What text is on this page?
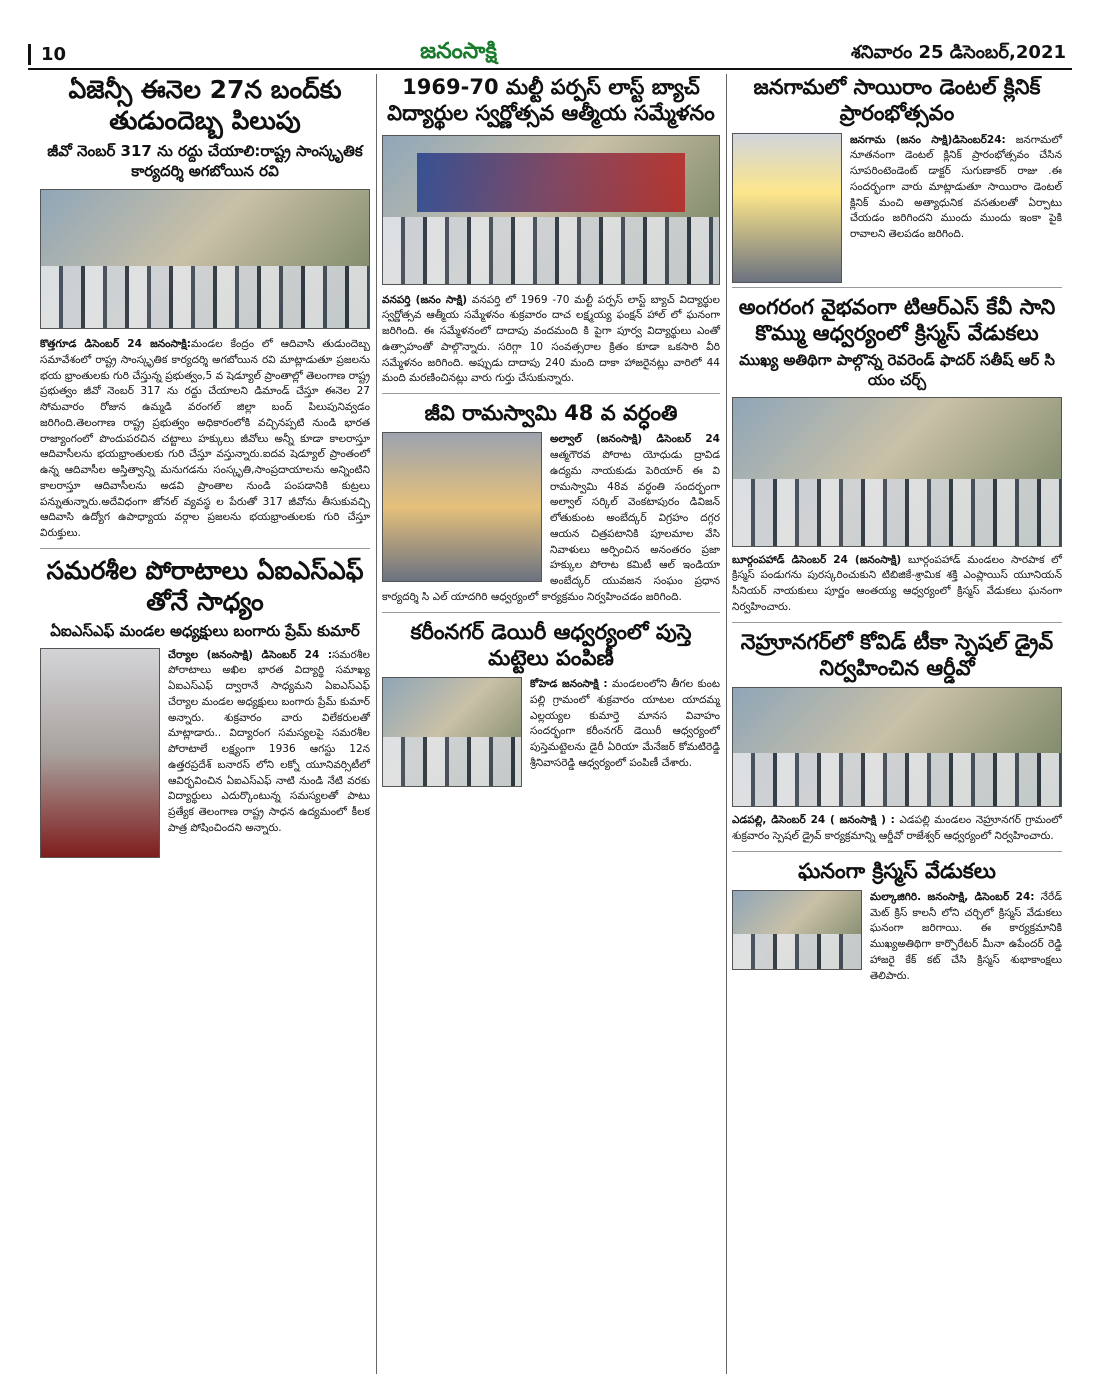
10	జనంసాక్షి	శనివారం 25 డిసెంబర్,2021
ఏజెన్సీ ఈనెల 27న బంద్‌కు తుడుందెబ్బ పిలుపు

జీవో నెంబర్ 317 ను రద్దు చేయాలి:రాష్ట్ర సాంస్కృతిక కార్యదర్శి అగబోయిన రవి

కొత్తగూడ డిసెంబర్ 24 జనంసాక్షి:మండల కేంద్రం లో ఆదివాసి తుడుందెబ్బ సమావేశంలో రాష్ట్ర సాంస్కృతిక కార్యదర్శి అగబోయిన రవి మాట్లాడుతూ ప్రజలను భయ భ్రాంతులకు గురి చేస్తున్న ప్రభుత్వం,5 వ షెడ్యూల్ ప్రాంతాల్లో తెలంగాణ రాష్ట్ర ప్రభుత్వం జీవో నెంబర్ 317 ను రద్దు చేయాలని డిమాండ్ చేస్తూ ఈనెల 27 సోమవారం రోజున ఉమ్మడి వరంగల్ జిల్లా బంద్ పిలుపునివ్వడం జరిగింది.తెలంగాణ రాష్ట్ర ప్రభుత్వం అధికారంలోకి వచ్చినప్పటి నుండి భారత రాజ్యాంగంలో పొందుపరచిన చట్టాలు హక్కులు జీవోలు అన్నీ కూడా కాలరాస్తూ ఆదివాసీలను భయభ్రాంతులకు గురి చేస్తూ వస్తున్నారు.ఐదవ షెడ్యూల్ ప్రాంతంలో ఉన్న ఆదివాసీల అస్తిత్వాన్ని మనుగడను సంస్కృతి,సాంప్రదాయాలను అన్నింటిని కాలరాస్తూ ఆదివాసీలను అడవి ప్రాంతాల నుండి పంపడానికి కుట్రలు పన్నుతున్నారు.అదేవిధంగా జోనల్ వ్యవస్థ ల పేరుతో 317 జీవోను తీసుకువచ్చి ఆదివాసి ఉద్యోగ ఉపాధ్యాయ వర్గాల ప్రజలను భయభ్రాంతులకు గురి చేస్తూ విరుక్తులు.

సమరశీల పోరాటాలు ఏఐఎస్‌ఎఫ్ తోనే సాధ్యం

ఏఐఎస్ఎఫ్ మండల అధ్యక్షులు బంగారు ప్రేమ్ కుమార్

చేర్యాల (జనంసాక్షి) డిసెంబర్ 24 :సమరశీల పోరాటాలు అఖిల భారత విద్యార్థి సమాఖ్య ఏఐఎస్ఎఫ్ ద్వారానే సాధ్యమని ఏఐఎస్ఎఫ్ చేర్యాల మండల అధ్యక్షులు బంగారు ప్రేమ్ కుమార్ అన్నారు. శుక్రవారం వారు విలేకరులతో మాట్లాడారు.. విద్యారంగ సమస్యలపై సమరశీల పోరాటాలే లక్ష్యంగా 1936 ఆగస్టు 12న ఉత్తరప్రదేశ్ బనారస్ లోని లక్నో యూనివర్సిటీలో ఆవిర్భవించిన ఏఐఎస్ఎఫ్ నాటి నుండి నేటి వరకు విద్యార్థులు ఎదుర్కొంటున్న సమస్యలతో పాటు ప్రత్యేక తెలంగాణ రాష్ట్ర సాధన ఉద్యమంలో కీలక పాత్ర పోషించిందని అన్నారు.

1969-70 మల్టీ పర్పస్ లాస్ట్ బ్యాచ్ విద్యార్థుల స్వర్ణోత్సవ ఆత్మీయ సమ్మేళనం

వనపర్తి (జనం సాక్షి) వనపర్తి లో 1969 -70 మల్టీ పర్పస్ లాస్ట్ బ్యాచ్ విద్యార్థుల స్వర్ణోత్సవ ఆత్మీయ సమ్మేళనం శుక్రవారం దాచ లక్ష్మయ్య ఫంక్షన్ హాల్ లో ఘనంగా జరిగింది. ఈ సమ్మేళనంలో దాదాపు వందమంది కి పైగా పూర్వ విద్యార్థులు ఎంతో ఉత్సాహంతో పాల్గొన్నారు. సరిగ్గా 10 సంవత్సరాల క్రితం కూడా ఒకసారి వీరి సమ్మేళనం జరిగింది. అప్పుడు దాదాపు 240 మంది దాకా హాజరైనట్లు వారిలో 44 మంది మరణించినట్లు వారు గుర్తు చేసుకున్నారు.

జీవి రామస్వామి 48 వ వర్ధంతి

అల్వాల్ (జనంసాక్షి) డిసెంబర్ 24 ఆత్మగౌరవ పోరాట యోధుడు ద్రావిడ ఉద్యమ నాయకుడు పెరియార్ ఈ వి రామస్వామి 48వ వర్ధంతి సందర్భంగా అల్వాల్ సర్కిల్ వెంకటాపురం డివిజన్ లోతుకుంట అంబేద్కర్ విగ్రహం దగ్గర ఆయన చిత్రపటానికి పూలమాల వేసి నివాళులు అర్పించిన అనంతరం ప్రజా హక్కుల పోరాట కమిటీ ఆల్ ఇండియా అంబేద్కర్ యువజన సంఘం ప్రధాన కార్యదర్శి సి ఎల్ యాదగిరి ఆధ్వర్యంలో కార్యక్రమం నిర్వహించడం జరిగింది.

కరీంనగర్ డెయిరీ ఆధ్వర్యంలో పుస్తె మట్టెలు పంపిణీ

కోహెడ జనంసాక్షి : మండలంలోని తీగల కుంట పల్లి గ్రామంలో శుక్రవారం యాటల యాదమ్మ ఎల్లయ్యల కుమార్తె మానస వివాహం సందర్భంగా కరీంనగర్ డెయిరీ ఆధ్వర్యంలో పుస్తెమట్టెలను డైరీ ఏరియా మేనేజర్ కోమటిరెడ్డి శ్రీనివాసరెడ్డి ఆధ్వర్యంలో పంపిణీ చేశారు.

జనగామలో సాయిరాం డెంటల్ క్లినిక్ ప్రారంభోత్సవం

జనగామ (జనం సాక్షి)డిసెంబర్24: జనగామలో నూతనంగా డెంటల్ క్లినిక్ ప్రారంభోత్సవం చేసిన సూపరింటెండెంట్ డాక్టర్ సుగుణాకర్ రాజు .ఈ సందర్భంగా వారు మాట్లాడుతూ సాయిరాం డెంటల్ క్లినిక్ మంచి అత్యాధునిక వసతులతో ఏర్పాటు చేయడం జరిగిందని ముందు ముందు ఇంకా పైకి రావాలని తెలపడం జరిగింది.

అంగరంగ వైభవంగా టిఆర్ఎస్ కేవీ సాని కొమ్ము ఆధ్వర్యంలో క్రిస్మస్ వేడుకలు

ముఖ్య అతిథిగా పాల్గొన్న రెవరెండ్ ఫాదర్ సతీష్ ఆర్ సి యం చర్చ్

బూర్గంపహాడ్ డిసెంబర్ 24 (జనంసాక్షి) బూర్గంపహాడ్ మండలం సారపాక లో క్రిస్మస్ పండుగను పురస్కరించుకుని టిబిజికే-శ్రామిక శక్తి ఎంప్లాయిస్ యూనియన్ సీనియర్ నాయకులు పూర్ణం ఆంతయ్య ఆధ్వర్యంలో క్రిస్మస్ వేడుకలు ఘనంగా నిర్వహించారు.

నెహ్రూనగర్‌లో కోవిడ్ టీకా స్పెషల్ డ్రైవ్ నిర్వహించిన ఆర్డీవో

ఎడపల్లి, డిసెంబర్ 24 ( జనంసాక్షి ) : ఎడపల్లి మండలం నెహ్రూనగర్ గ్రామంలో శుక్రవారం స్పెషల్ డ్రైవ్ కార్యక్రమాన్ని ఆర్డీవో రాజేశ్వర్ ఆధ్వర్యంలో నిర్వహించారు.

ఘనంగా క్రిస్మస్ వేడుకలు

మల్కాజిగిరి. జనంసాక్షి, డిసెంబర్ 24: నేరేడ్ మెట్ క్రిస్ కాలనీ లోని చర్చిలో క్రిస్మస్ వేడుకలు ఘనంగా జరిగాయి. ఈ కార్యక్రమానికి ముఖ్యఅతిథిగా కార్పొరేటర్ మీనా ఉపేందర్ రెడ్డి హాజరై కేక్ కట్ చేసి క్రిస్మస్ శుభాకాంక్షలు తెలిపారు.
